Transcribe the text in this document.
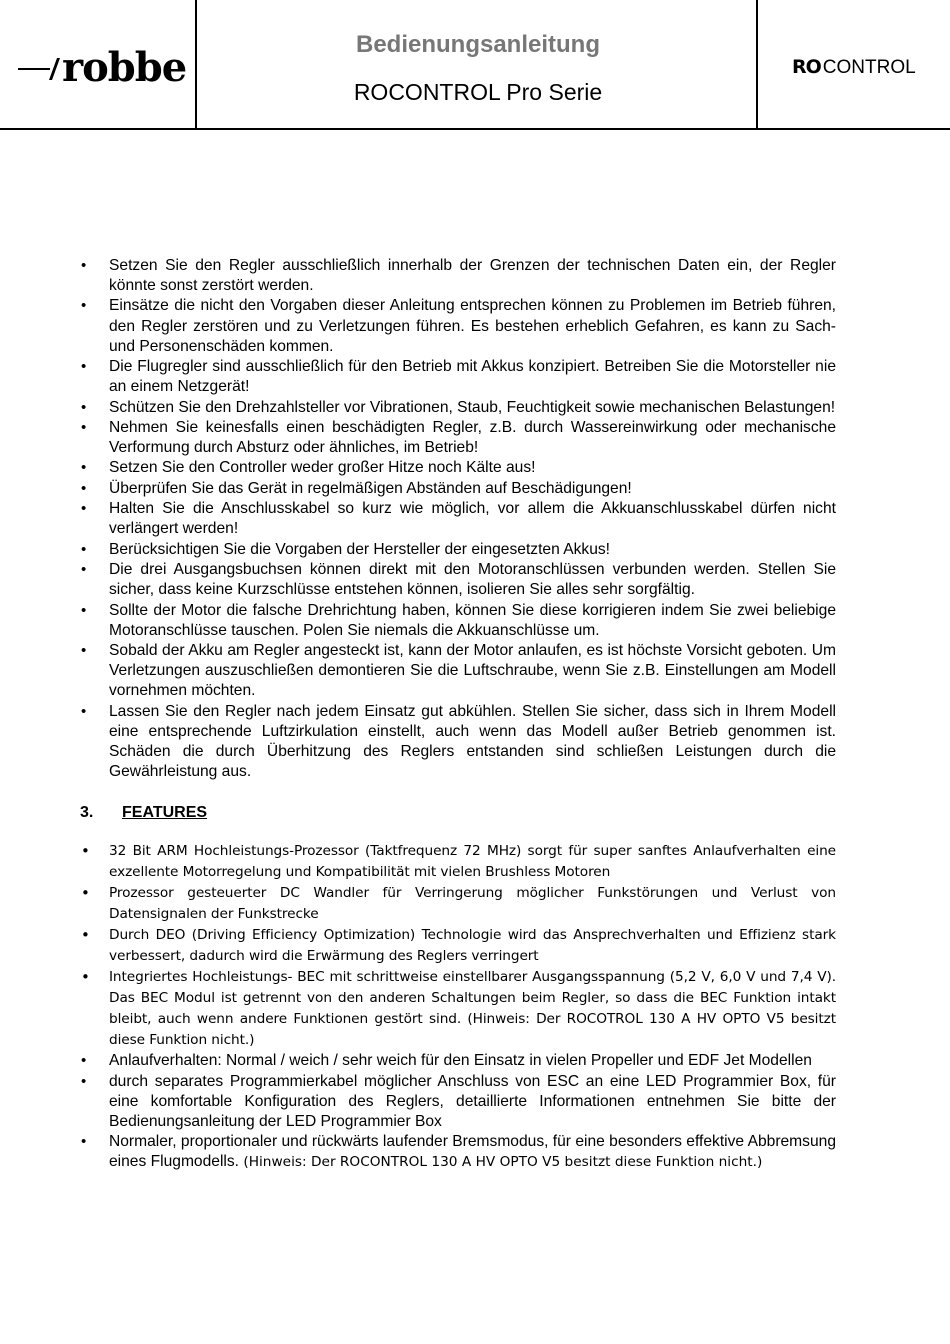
robbe	Bedienungsanleitung
ROCONTROL Pro Serie
RO CONTROL
• Setzen Sie den Regler ausschließlich innerhalb der Grenzen der technischen Daten ein, der Regler könnte sonst zerstört werden.
• Einsätze die nicht den Vorgaben dieser Anleitung entsprechen können zu Problemen im Betrieb führen, den Regler zerstören und zu Verletzungen führen. Es bestehen erheblich Gefahren, es kann zu Sach- und Personenschäden kommen.
• Die Flugregler sind ausschließlich für den Betrieb mit Akkus konzipiert. Betreiben Sie die Motorsteller nie an einem Netzgerät!
• Schützen Sie den Drehzahlsteller vor Vibrationen, Staub, Feuchtigkeit sowie mechanischen Belastungen!
• Nehmen Sie keinesfalls einen beschädigten Regler, z.B. durch Wassereinwirkung oder mechanische Verformung durch Absturz oder ähnliches, im Betrieb!
• Setzen Sie den Controller weder großer Hitze noch Kälte aus!
• Überprüfen Sie das Gerät in regelmäßigen Abständen auf Beschädigungen!
• Halten Sie die Anschlusskabel so kurz wie möglich, vor allem die Akkuanschlusskabel dürfen nicht verlängert werden!
• Berücksichtigen Sie die Vorgaben der Hersteller der eingesetzten Akkus!
• Die drei Ausgangsbuchsen können direkt mit den Motoranschlüssen verbunden werden. Stellen Sie sicher, dass keine Kurzschlüsse entstehen können, isolieren Sie alles sehr sorgfältig.
• Sollte der Motor die falsche Drehrichtung haben, können Sie diese korrigieren indem Sie zwei beliebige Motoranschlüsse tauschen. Polen Sie niemals die Akkuanschlüsse um.
• Sobald der Akku am Regler angesteckt ist, kann der Motor anlaufen, es ist höchste Vorsicht geboten. Um Verletzungen auszuschließen demontieren Sie die Luftschraube, wenn Sie z.B. Einstellungen am Modell vornehmen möchten.
• Lassen Sie den Regler nach jedem Einsatz gut abkühlen. Stellen Sie sicher, dass sich in Ihrem Modell eine entsprechende Luftzirkulation einstellt, auch wenn das Modell außer Betrieb genommen ist. Schäden die durch Überhitzung des Reglers entstanden sind schließen Leistungen durch die Gewährleistung aus.
3. FEATURES
• 32 Bit ARM Hochleistungs-Prozessor (Taktfrequenz 72 MHz) sorgt für super sanftes Anlaufverhalten eine exzellente Motorregelung und Kompatibilität mit vielen Brushless Motoren
• Prozessor gesteuerter DC Wandler für Verringerung möglicher Funkstörungen und Verlust von Datensignalen der Funkstrecke
• Durch DEO (Driving Efficiency Optimization) Technologie wird das Ansprechverhalten und Effizienz stark verbessert, dadurch wird die Erwärmung des Reglers verringert
• Integriertes Hochleistungs- BEC mit schrittweise einstellbarer Ausgangsspannung (5,2 V, 6,0 V und 7,4 V). Das BEC Modul ist getrennt von den anderen Schaltungen beim Regler, so dass die BEC Funktion intakt bleibt, auch wenn andere Funktionen gestört sind. (Hinweis: Der ROCOTROL 130 A HV OPTO V5 besitzt diese Funktion nicht.)
• Anlaufverhalten: Normal / weich / sehr weich für den Einsatz in vielen Propeller und EDF Jet Modellen
• durch separates Programmierkabel möglicher Anschluss von ESC an eine LED Programmier Box, für eine komfortable Konfiguration des Reglers, detaillierte Informationen entnehmen Sie bitte der Bedienungsanleitung der LED Programmier Box
• Normaler, proportionaler und rückwärts laufender Bremsmodus, für eine besonders effektive Abbremsung eines Flugmodells. (Hinweis: Der ROCONTROL 130 A HV OPTO V5 besitzt diese Funktion nicht.)
